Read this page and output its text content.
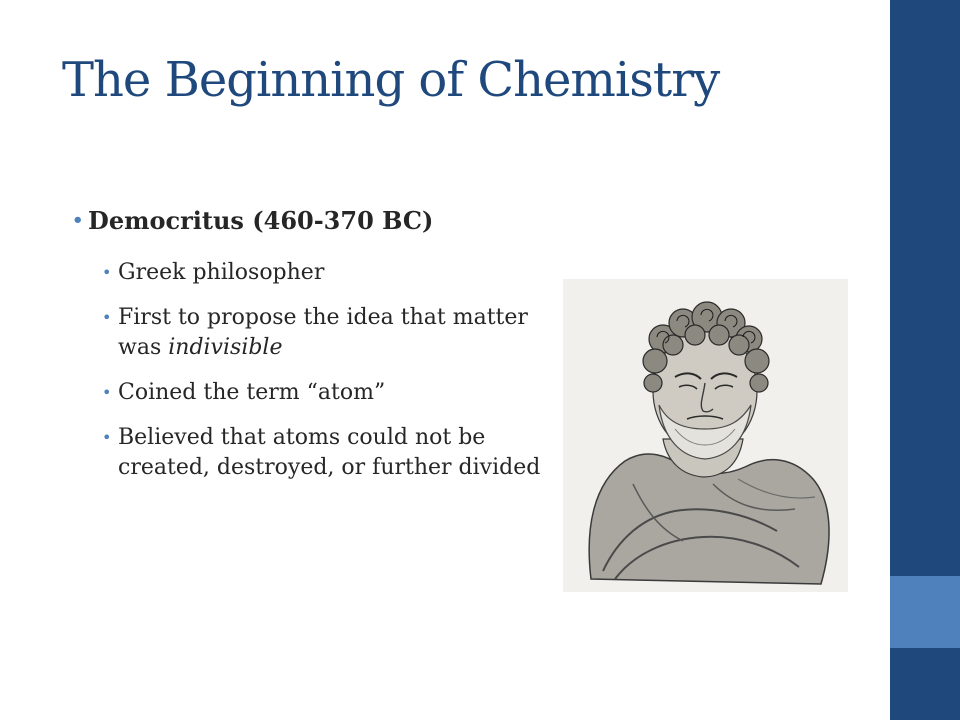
The Beginning of Chemistry
• Democritus (460-370 BC)
• Greek philosopher
• First to propose the idea that matter was indivisible
• Coined the term “atom”
• Believed that atoms could not be created, destroyed, or further divided
